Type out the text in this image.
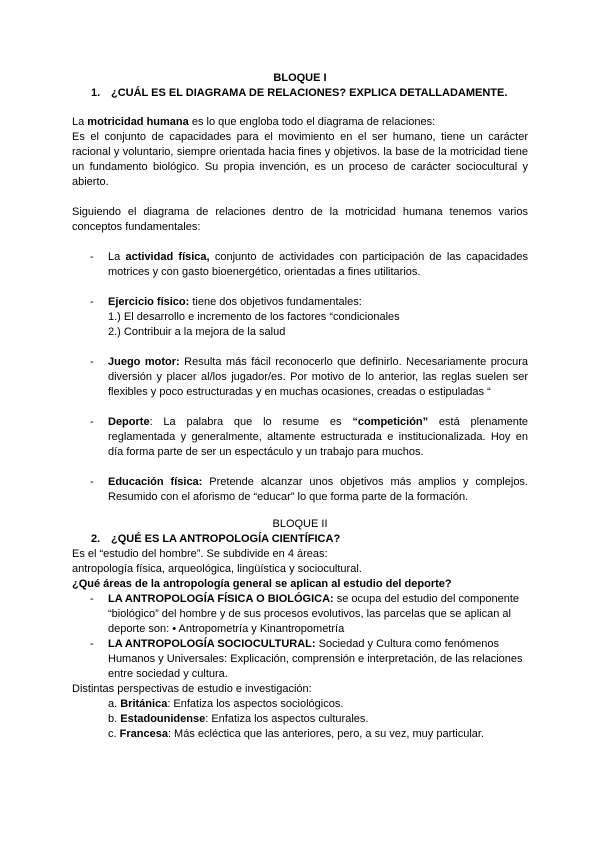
BLOQUE I

1. ¿CUÁL ES EL DIAGRAMA DE RELACIONES? EXPLICA DETALLADAMENTE.

La motricidad humana es lo que engloba todo el diagrama de relaciones:

Es el conjunto de capacidades para el movimiento en el ser humano, tiene un carácter racional y voluntario, siempre orientada hacia fines y objetivos. la base de la motricidad tiene un fundamento biológico. Su propia invención, es un proceso de carácter sociocultural y abierto.

Siguiendo el diagrama de relaciones dentro de la motricidad humana tenemos varios conceptos fundamentales:

- La actividad física, conjunto de actividades con participación de las capacidades motrices y con gasto bioenergético, orientadas a fines utilitarios.
- Ejercicio físico: tiene dos objetivos fundamentales:
1.) El desarrollo e incremento de los factores “condicionales
2.) Contribuir a la mejora de la salud
- Juego motor: Resulta más fácil reconocerlo que definirlo. Necesariamente procura diversión y placer al/los jugador/es. Por motivo de lo anterior, las reglas suelen ser flexibles y poco estructuradas y en muchas ocasiones, creadas o estipuladas “
- Deporte: La palabra que lo resume es “competición” está plenamente reglamentada y generalmente, altamente estructurada e institucionalizada. Hoy en día forma parte de ser un espectáculo y un trabajo para muchos.
- Educación física: Pretende alcanzar unos objetivos más amplios y complejos. Resumido con el aforismo de “educar” lo que forma parte de la formación.

BLOQUE II

2. ¿QUÉ ES LA ANTROPOLOGÍA CIENTÍFICA?

Es el “estudio del hombre”. Se subdivide en 4 áreas:

antropología física, arqueológica, lingüística y sociocultural.

¿Qué áreas de la antropología general se aplican al estudio del deporte?

- LA ANTROPOLOGÍA FÍSICA O BIOLÓGICA: se ocupa del estudio del componente “biológico” del hombre y de sus procesos evolutivos, las parcelas que se aplican al deporte son: • Antropometría y Kinantropometría
- LA ANTROPOLOGÍA SOCIOCULTURAL: Sociedad y Cultura como fenómenos Humanos y Universales: Explicación, comprensión e interpretación, de las relaciones entre sociedad y cultura.

Distintas perspectivas de estudio e investigación:

a. Británica: Enfatiza los aspectos sociológicos.

b. Estadounidense: Enfatiza los aspectos culturales.

c. Francesa: Más ecléctica que las anteriores, pero, a su vez, muy particular.
